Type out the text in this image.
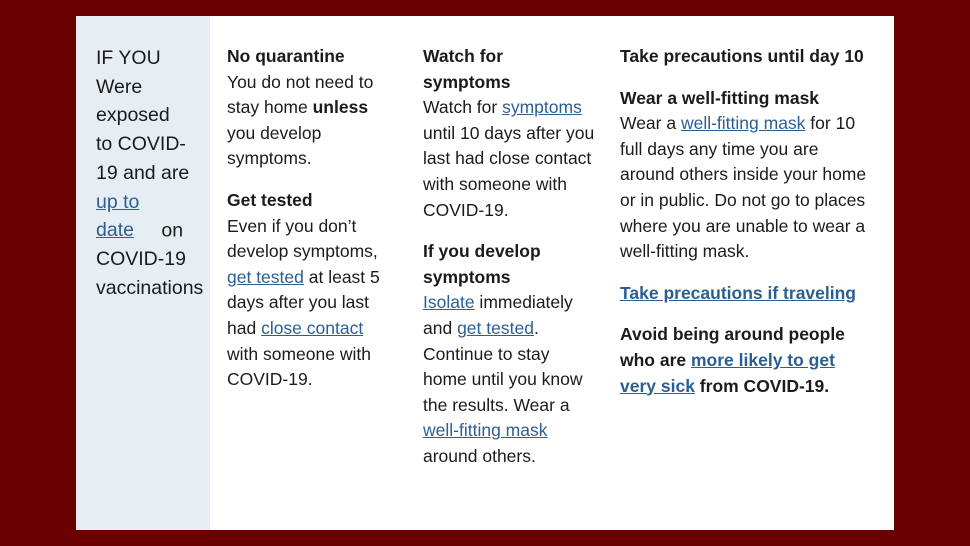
IF YOU
Were
exposed
to COVID-
19 and are
up to date on
COVID-19
vaccinations
No quarantine
You do not need to stay home unless you develop symptoms.
Get tested
Even if you don’t develop symptoms, get tested at least 5 days after you last had close contact with someone with COVID-19.
Watch for symptoms
Watch for symptoms until 10 days after you last had close contact with someone with COVID-19.
If you develop symptoms
Isolate immediately and get tested. Continue to stay home until you know the results. Wear a well-fitting mask around others.
Take precautions until day 10
Wear a well-fitting mask
Wear a well-fitting mask for 10 full days any time you are around others inside your home or in public. Do not go to places where you are unable to wear a well-fitting mask.
Take precautions if traveling
Avoid being around people who are more likely to get very sick from COVID-19.
